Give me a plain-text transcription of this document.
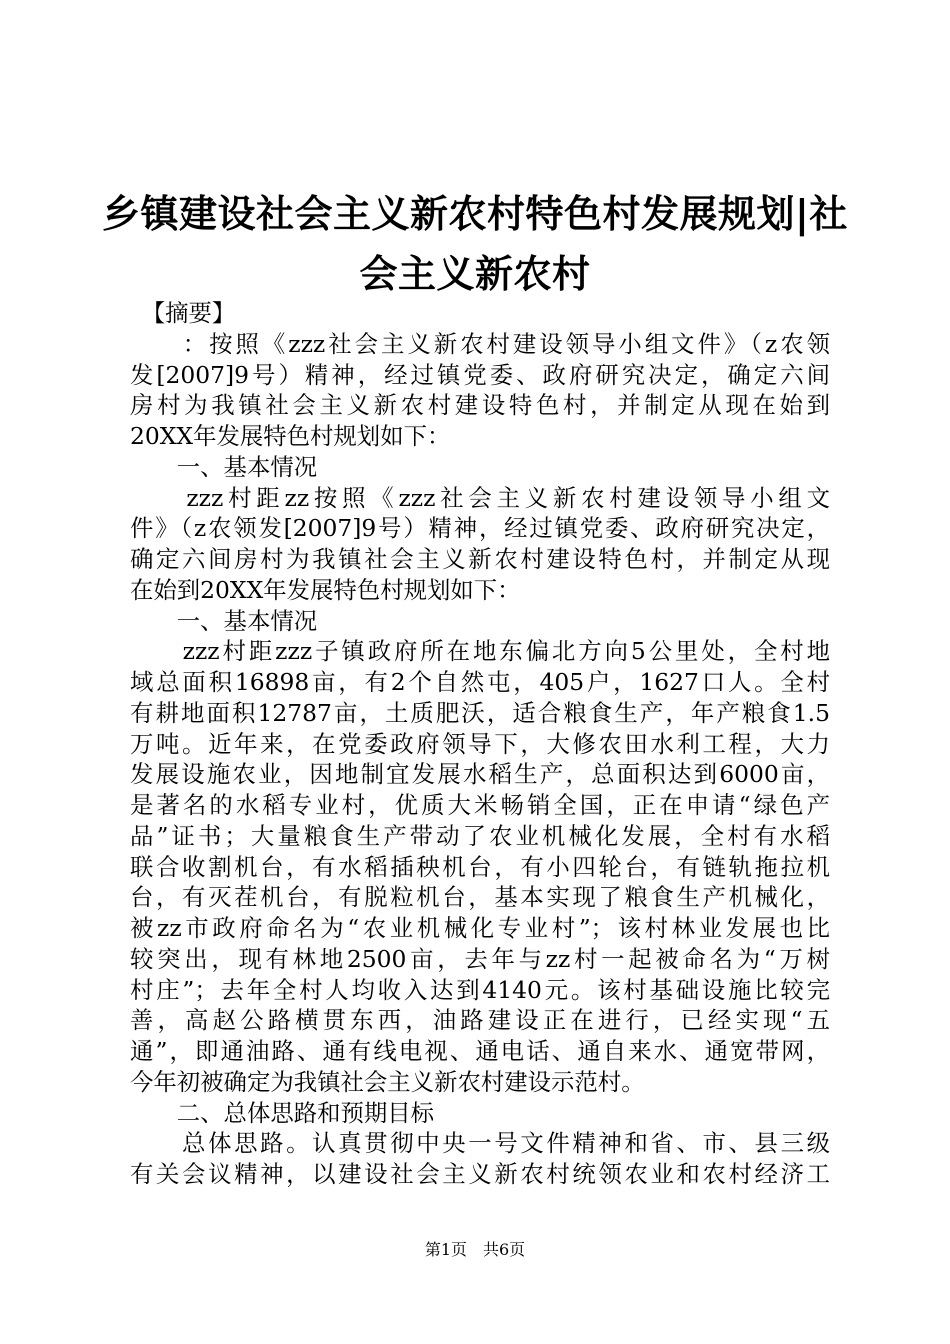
乡镇建设社会主义新农村特色村发展规划|社
会主义新农村
　【摘要】
　　：按照《zzz社会主义新农村建设领导小组文件》（z农领
发[2007]9号）精神，经过镇党委、政府研究决定，确定六间
房村为我镇社会主义新农村建设特色村，并制定从现在始到
20XX年发展特色村规划如下：
　　一、基本情况
　　zzz村距zz按照《zzz社会主义新农村建设领导小组文
件》（z农领发[2007]9号）精神，经过镇党委、政府研究决定，
确定六间房村为我镇社会主义新农村建设特色村，并制定从现
在始到20XX年发展特色村规划如下：
　　一、基本情况
　　zzz村距zzz子镇政府所在地东偏北方向5公里处，全村地
域总面积16898亩，有2个自然屯，405户，1627口人。全村
有耕地面积12787亩，土质肥沃，适合粮食生产，年产粮食1.5
万吨。近年来，在党委政府领导下，大修农田水利工程，大力
发展设施农业，因地制宜发展水稻生产，总面积达到6000亩，
是著名的水稻专业村，优质大米畅销全国，正在申请“绿色产
品”证书；大量粮食生产带动了农业机械化发展，全村有水稻
联合收割机台，有水稻插秧机台，有小四轮台，有链轨拖拉机
台，有灭茬机台，有脱粒机台，基本实现了粮食生产机械化，
被zz市政府命名为“农业机械化专业村”；该村林业发展也比
较突出，现有林地2500亩，去年与zz村一起被命名为“万树
村庄”；去年全村人均收入达到4140元。该村基础设施比较完
善，高赵公路横贯东西，油路建设正在进行，已经实现“五
通”，即通油路、通有线电视、通电话、通自来水、通宽带网，
今年初被确定为我镇社会主义新农村建设示范村。
　　二、总体思路和预期目标
　　总体思路。认真贯彻中央一号文件精神和省、市、县三级
有关会议精神，以建设社会主义新农村统领农业和农村经济工
第1页　共6页
